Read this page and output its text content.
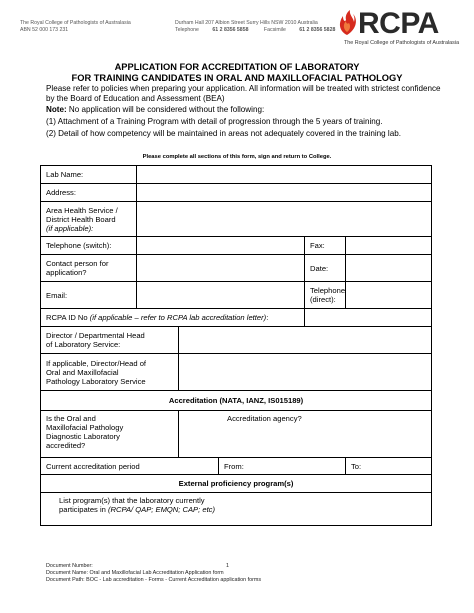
The Royal College of Pathologists of Australasia
ABN 52 000 173 231
Durham Hall 207 Albion Street Surry Hills NSW 2010 Australia
Telephone	61 2 8356 5858	Facsimile	61 2 8356 5828 RCPA
The Royal College of Pathologists of Australasia
APPLICATION FOR ACCREDITATION OF LABORATORY
FOR TRAINING CANDIDATES IN ORAL AND MAXILLOFACIAL PATHOLOGY
Please refer to policies when preparing your application. All information will be treated with strictest confidence by the Board of Education and Assessment (BEA)
Note: No application will be considered without the following:
(1) Attachment of a Training Program with detail of progression through the 5 years of training.
(2) Detail of how competency will be maintained in areas not adequately covered in the training lab.
Please complete all sections of this form, sign and return to College.
Lab Name:					
Address:					

Area Health Service /
District Health Board
(if applicable):					

Telephone (switch):				Fax:	

Contact person for
application?				Date:	
Email:				Telephone
(direct):	

RCPA ID No (if applicable – refer to RCPA lab accreditation letter):					

Director / Departmental Head
of Laboratory Service:					

If applicable, Director/Head of
Oral and Maxillofacial
Pathology Laboratory Service					

Accreditation (NATA, IANZ, IS015189)					

Is the Oral and
Maxillofacial Pathology
Diagnostic Laboratory
accredited?		Accreditation agency?			

Current accreditation period			From:		To:
External proficiency program(s)					

List program(s) that the laboratory currently
participates in (RCPA/ QAP; EMQN; CAP; etc)					
Document Number:	1
Document Name: Oral and Maxillofacial Lab Accreditation Application form
Document Path: BOC - Lab accreditation - Forms - Current Accreditation application forms
